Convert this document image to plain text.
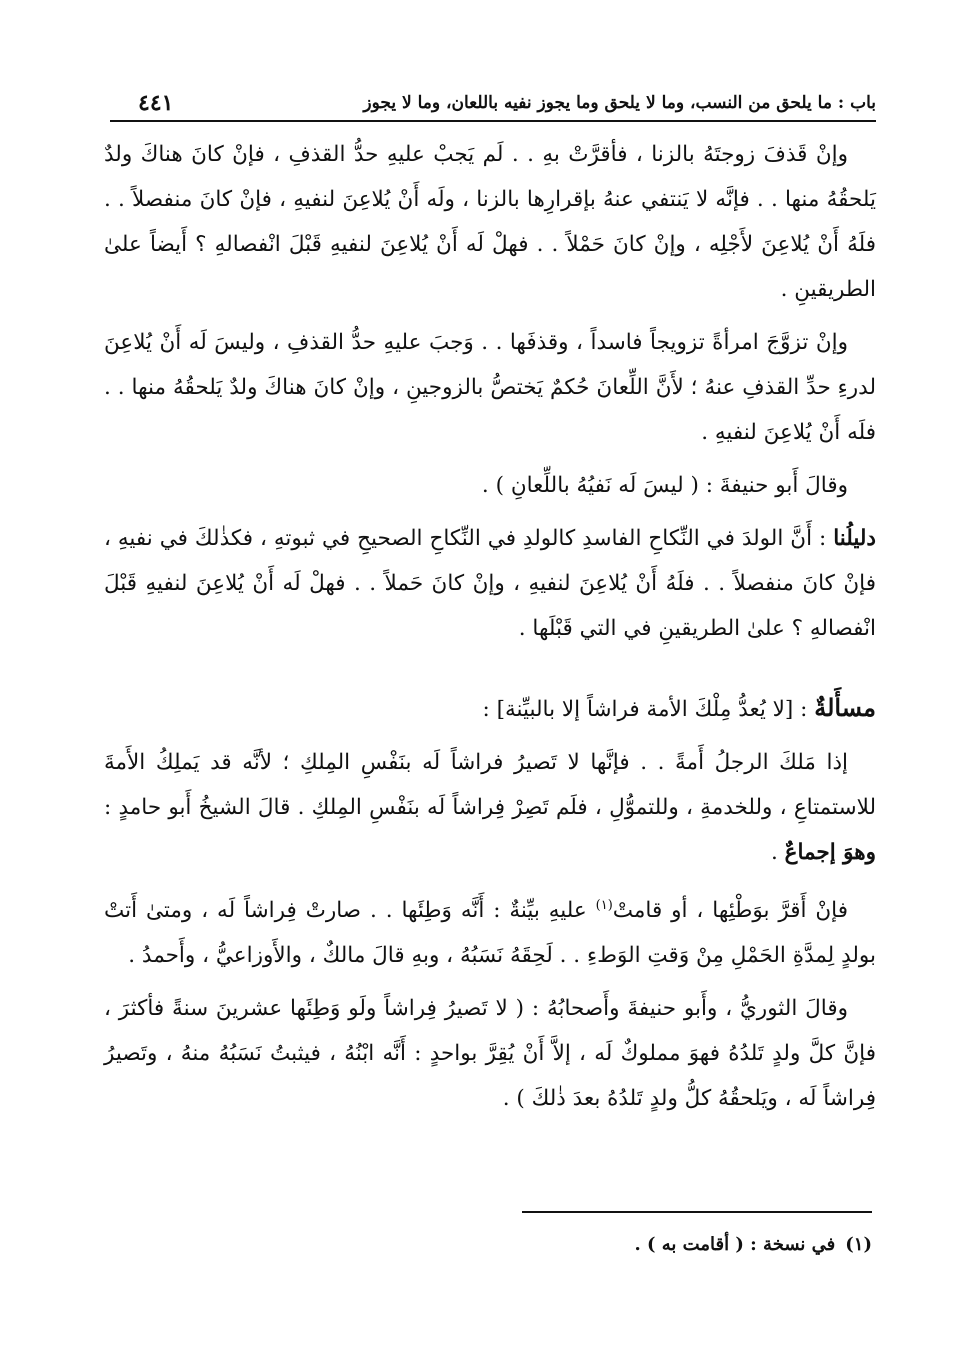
باب : ما يلحق من النسب، وما لا يلحق وما يجوز نفيه باللعان، وما لا يجوز
٤٤١

وإنْ قَذفَ زوجتَهُ بالزنا ، فأقرَّتْ بهِ . . لَم يَجبْ عليهِ حدُّ القذفِ ، فإنْ كانَ هناكَ ولدٌ يَلحقُهُ منها . . فإنَّه لا يَنتفي عنهُ بإقرارِها بالزنا ، ولَه أَنْ يُلاعِنَ لنفيهِ ، فإنْ كانَ منفصلاً . . فلَهُ أَنْ يُلاعِنَ لأَجْلِه ، وإنْ كانَ حَمْلاً . . فهلْ لَه أَنْ يُلاعِنَ لنفيهِ قَبْلَ انْفصالهِ ؟ أَيضاً علىٰ الطريقينِ .

وإنْ تزوَّجَ امرأةً تزويجاً فاسداً ، وقذفَها . . وَجبَ عليهِ حدُّ القذفِ ، وليسَ لَه أَنْ يُلاعِنَ لدرءِ حدِّ القذفِ عنهُ ؛ لأَنَّ اللِّعانَ حُكمٌ يَختصُّ بالزوجينِ ، وإنْ كانَ هناكَ ولدٌ يَلحقُهُ منها . . فلَه أَنْ يُلاعِنَ لنفيهِ .

وقالَ أَبو حنيفةَ : ( ليسَ لَه نَفيُهُ باللِّعانِ ) .

دليلُنا : أَنَّ الولدَ في النِّكاحِ الفاسدِ كالولدِ في النِّكاحِ الصحيحِ في ثبوتهِ ، فكذٰلكَ في نفيهِ ، فإنْ كانَ منفصلاً . . فلَهُ أَنْ يُلاعِنَ لنفيهِ ، وإنْ كانَ حَملاً . . فهلْ لَه أَنْ يُلاعِنَ لنفيهِ قَبْلَ انْفصالهِ ؟ علىٰ الطريقينِ في التي قَبْلَها .

مسأَلةٌ : [لا يُعدُّ مِلْكَ الأمة فراشاً إلا بالبيِّنة] :

إذا مَلكَ الرجلُ أَمةً . . فإنَّها لا تَصيرُ فراشاً لَه بنَفْسِ المِلكِ ؛ لأنَّه قد يَملِكُ الأَمةَ للاستمتاعِ ، وللخدمةِ ، وللتموُّلِ ، فلَم تَصِرْ فِراشاً لَه بنَفْسِ المِلكِ . قالَ الشيخُ أَبو حامدٍ : وهوَ إجماعٌ .

فإنْ أَقرَّ بوَطْئِها ، أو قامتْ$^{(١)}$ عليهِ بيِّنةٌ : أَنَّه وَطِئَها . . صارتْ فِراشاً لَه ، ومتىٰ أَتتْ بولدٍ لِمدَّةِ الحَمْلِ مِنْ وَقتِ الوَطءِ . . لَحِقَهُ نَسَبُهُ ، وبهِ قالَ مالكٌ ، والأَوزاعيُّ ، وأَحمدُ .

وقالَ الثوريُّ ، وأَبو حنيفةَ وأَصحابُهُ : ( لا تَصيرُ فِراشاً ولَو وَطِئَها عشرينَ سنةً فأكثرَ ، فإنَّ كلَّ ولدٍ تَلدُهُ فهوَ مملوكٌ لَه ، إلاَّ أَنْ يُقِرَّ بواحدٍ : أَنَّه ابْنُهُ ، فيثبتُ نَسَبُهُ منهُ ، وتَصيرُ فِراشاً لَه ، ويَلحقُهُ كلُّ ولدٍ تَلدُهُ بعدَ ذٰلكَ ) .

(١)في نسخة : ( أقامت به ) .
